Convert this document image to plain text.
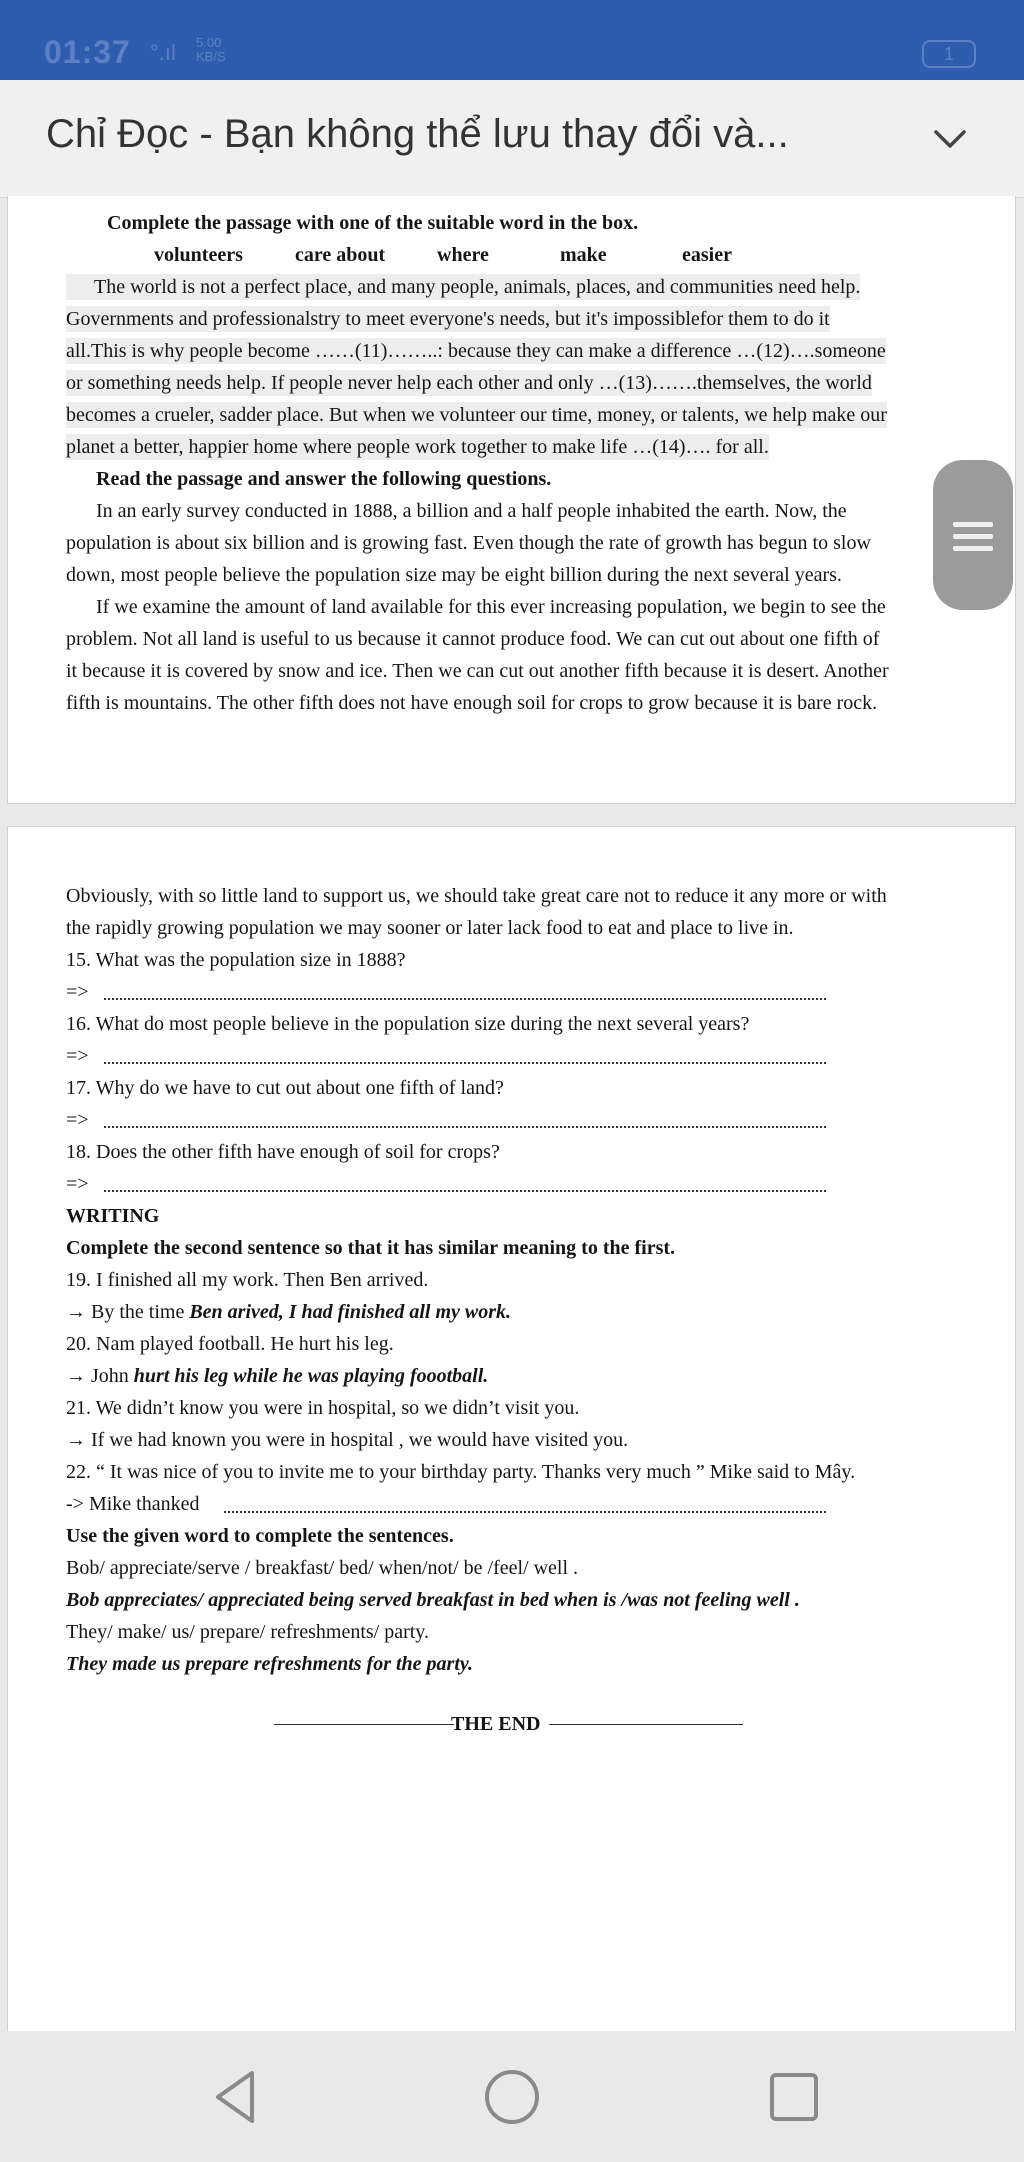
01:37 °.ıl 5.00
KB/S	1
Chỉ Đọc - Bạn không thể lưu thay đổi và...
Complete the passage with one of the suitable word in the box.
volunteers	care about	where	make	easier
The world is not a perfect place, and many people, animals, places, and communities need help.
Governments and professionalstry to meet everyone's needs, but it's impossiblefor them to do it
all.This is why people become ……(11)……..: because they can make a difference …(12)….someone
or something needs help. If people never help each other and only …(13)…….themselves, the world
becomes a crueler, sadder place. But when we volunteer our time, money, or talents, we help make our
planet a better, happier home where people work together to make life …(14)…. for all.
Read the passage and answer the following questions.
In an early survey conducted in 1888, a billion and a half people inhabited the earth. Now, the
population is about six billion and is growing fast. Even though the rate of growth has begun to slow
down, most people believe the population size may be eight billion during the next several years.
If we examine the amount of land available for this ever increasing population, we begin to see the
problem. Not all land is useful to us because it cannot produce food. We can cut out about one fifth of
it because it is covered by snow and ice. Then we can cut out another fifth because it is desert. Another
fifth is mountains. The other fifth does not have enough soil for crops to grow because it is bare rock.
Obviously, with so little land to support us, we should take great care not to reduce it any more or with
the rapidly growing population we may sooner or later lack food to eat and place to live in.
15. What was the population size in 1888?
=>
16. What do most people believe in the population size during the next several years?
=>
17. Why do we have to cut out about one fifth of land?
=>
18. Does the other fifth have enough of soil for crops?
=>
WRITING
Complete the second sentence so that it has similar meaning to the first.
19. I finished all my work. Then Ben arrived.
→ By the time Ben arived, I had finished all my work.
20. Nam played football. He hurt his leg.
→ John hurt his leg while he was playing foootball.
21. We didn’t know you were in hospital, so we didn’t visit you.
→ If we had known you were in hospital , we would have visited you.
22. “ It was nice of you to invite me to your birthday party. Thanks very much ” Mike said to Mây.
-> Mike thanked
Use the given word to complete the sentences.
Bob/ appreciate/serve / breakfast/ bed/ when/not/ be /feel/ well .
Bob appreciates/ appreciated being served breakfast in bed when is /was not feeling well .
They/ make/ us/ prepare/ refreshments/ party.
They made us prepare refreshments for the party.
THE END
